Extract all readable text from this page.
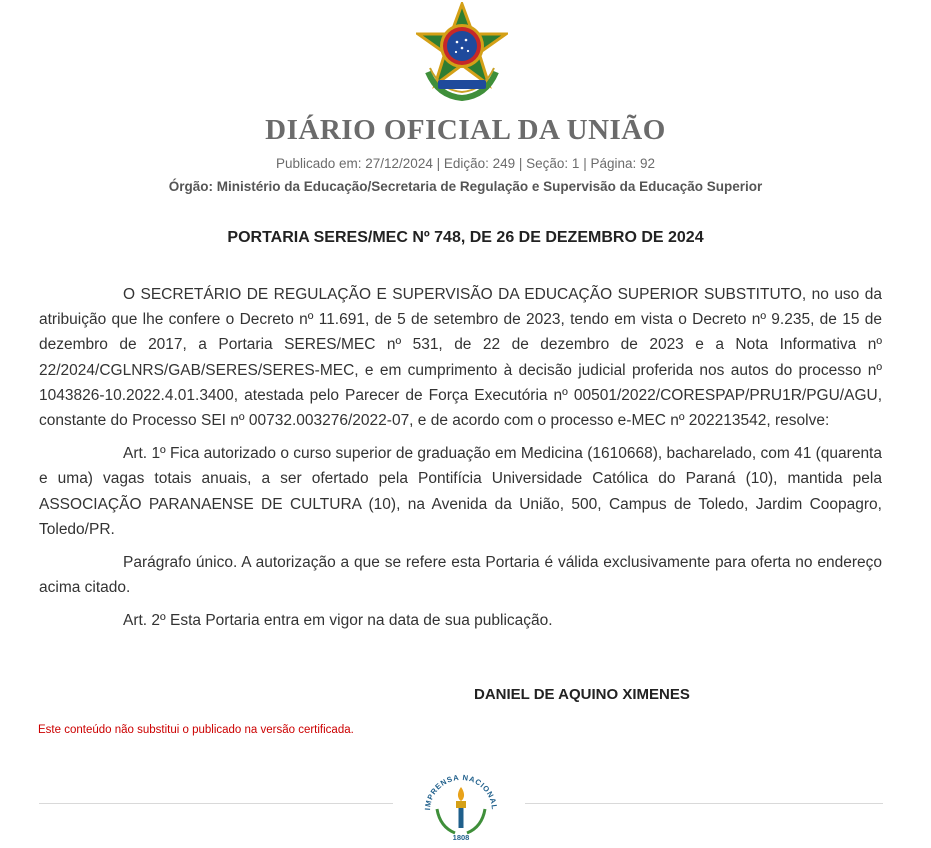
DIÁRIO OFICIAL DA UNIÃO
Publicado em: 27/12/2024 | Edição: 249 | Seção: 1 | Página: 92
Órgão: Ministério da Educação/Secretaria de Regulação e Supervisão da Educação Superior
PORTARIA SERES/MEC Nº 748, DE 26 DE DEZEMBRO DE 2024

O SECRETÁRIO DE REGULAÇÃO E SUPERVISÃO DA EDUCAÇÃO SUPERIOR SUBSTITUTO, no uso da atribuição que lhe confere o Decreto nº 11.691, de 5 de setembro de 2023, tendo em vista o Decreto nº 9.235, de 15 de dezembro de 2017, a Portaria SERES/MEC nº 531, de 22 de dezembro de 2023 e a Nota Informativa nº 22/2024/CGLNRS/GAB/SERES/SERES-MEC, e em cumprimento à decisão judicial proferida nos autos do processo nº 1043826-10.2022.4.01.3400, atestada pelo Parecer de Força Executória nº 00501/2022/CORESPAP/PRU1R/PGU/AGU, constante do Processo SEI nº 00732.003276/2022-07, e de acordo com o processo e-MEC nº 202213542, resolve:

Art. 1º Fica autorizado o curso superior de graduação em Medicina (1610668), bacharelado, com 41 (quarenta e uma) vagas totais anuais, a ser ofertado pela Pontifícia Universidade Católica do Paraná (10), mantida pela ASSOCIAÇÃO PARANAENSE DE CULTURA (10), na Avenida da União, 500, Campus de Toledo, Jardim Coopagro, Toledo/PR.

Parágrafo único. A autorização a que se refere esta Portaria é válida exclusivamente para oferta no endereço acima citado.

Art. 2º Esta Portaria entra em vigor na data de sua publicação.

DANIEL DE AQUINO XIMENES
Este conteúdo não substitui o publicado na versão certificada.
IMPRENSA NACIONAL
1808
